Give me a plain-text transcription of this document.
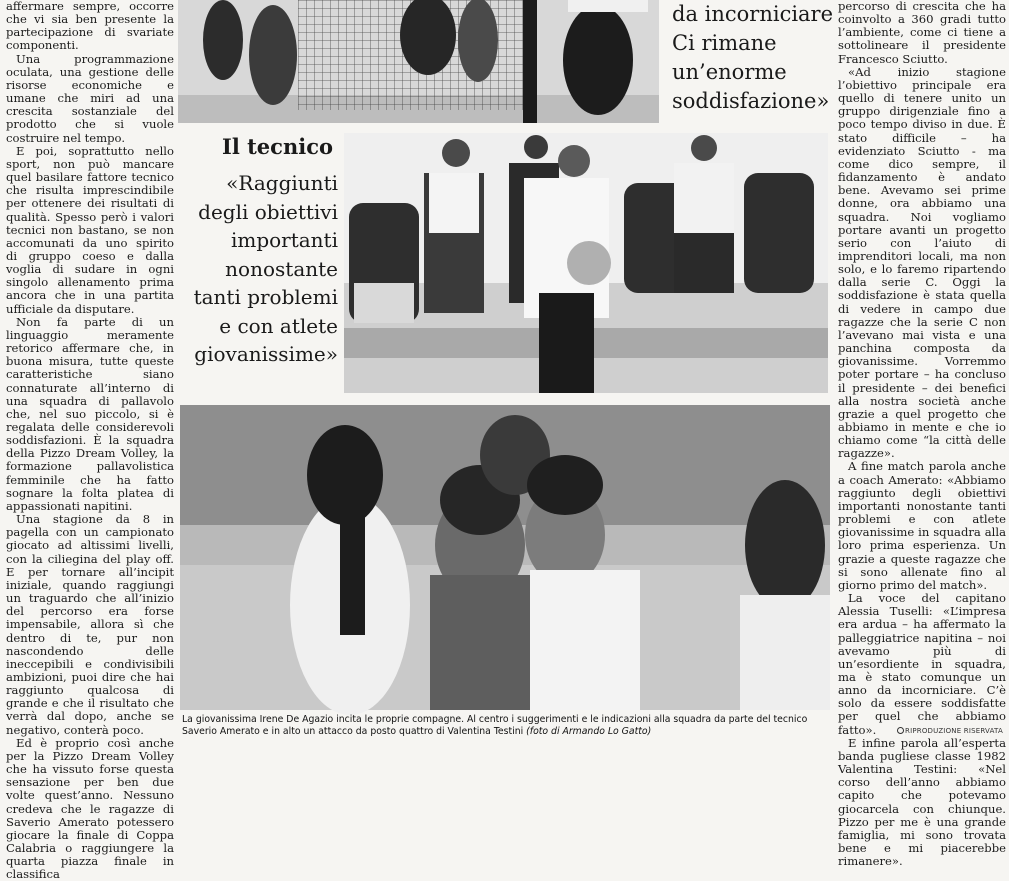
affermare sempre, occorre che vi sia ben presente la partecipazione di svariate componenti.

Una programmazione oculata, una gestione delle risorse economiche e umane che miri ad una crescita sostanziale del prodotto che si vuole costruire nel tempo.

E poi, soprattutto nello sport, non può mancare quel basilare fattore tecnico che risulta imprescindibile per ottenere dei risultati di qualità. Spesso però i valori tecnici non bastano, se non accomunati da uno spirito di gruppo coeso e dalla voglia di sudare in ogni singolo allenamento prima ancora che in una partita ufficiale da disputare.

Non fa parte di un linguaggio meramente retorico affermare che, in buona misura, tutte queste caratteristiche siano connaturate all’interno di una squadra di pallavolo che, nel suo piccolo, si è regalata delle considerevoli soddisfazioni. È la squadra della Pizzo Dream Volley, la formazione pallavolistica femminile che ha fatto sognare la folta platea di appassionati napitini.

Una stagione da 8 in pagella con un campionato giocato ad altissimi livelli, con la ciliegina del play off. E per tornare all’incipit iniziale, quando raggiungi un traguardo che all’inizio del percorso era forse impensabile, allora sì che dentro di te, pur non nascondendo delle ineccepibili e condivisibili ambizioni, puoi dire che hai raggiunto qualcosa di grande e che il risultato che verrà dal dopo, anche se negativo, conterà poco.

Ed è proprio così anche per la Pizzo Dream Volley che ha vissuto forse questa sensazione per ben due volte quest’anno. Nessuno credeva che le ragazze di Saverio Amerato potessero giocare la finale di Coppa Calabria o raggiungere la quarta piazza finale in classifica

da incorniciare
Ci rimane
un’enorme
soddisfazione»
Il tecnico
«Raggiunti
degli obiettivi
importanti
nonostante
tanti problemi
e con atlete
giovanissime»
La giovanissima Irene De Agazio incita le proprie compagne. Al centro i suggerimenti e le indicazioni alla squadra da parte del tecnico Saverio Amerato e in alto un attacco da posto quattro di Valentina Testini (foto di Armando Lo Gatto)

percorso di crescita che ha coinvolto a 360 gradi tutto l’ambiente, come ci tiene a sottolineare il presidente Francesco Sciutto.

«Ad inizio stagione l’obiettivo principale era quello di tenere unito un gruppo dirigenziale fino a poco tempo diviso in due. È stato difficile – ha evidenziato Sciutto - ma come dico sempre, il fidanzamento è andato bene. Avevamo sei prime donne, ora abbiamo una squadra. Noi vogliamo portare avanti un progetto serio con l’aiuto di imprenditori locali, ma non solo, e lo faremo ripartendo dalla serie C. Oggi la soddisfazione è stata quella di vedere in campo due ragazze che la serie C non l’avevano mai vista e una panchina composta da giovanissime. Vorremmo poter portare – ha concluso il presidente – dei benefici alla nostra società anche grazie a quel progetto che abbiamo in mente e che io chiamo come “la città delle ragazze».

A fine match parola anche a coach Amerato: «Abbiamo raggiunto degli obiettivi importanti nonostante tanti problemi e con atlete giovanissime in squadra alla loro prima esperienza. Un grazie a queste ragazze che si sono allenate fino al giorno primo del match».

La voce del capitano Alessia Tuselli: «L’impresa era ardua – ha affermato la palleggiatrice napitina – noi avevamo più di un’esordiente in squadra, ma è stato comunque un anno da incorniciare. C’è solo da essere soddisfatte per quel che abbiamo fatto».

E infine parola all’esperta banda pugliese classe 1982 Valentina Testini: «Nel corso dell’anno abbiamo capito che potevamo giocarcela con chiunque. Pizzo per me è una grande famiglia, mi sono trovata bene e mi piacerebbe rimanere».

RIPRODUZIONE RISERVATA
